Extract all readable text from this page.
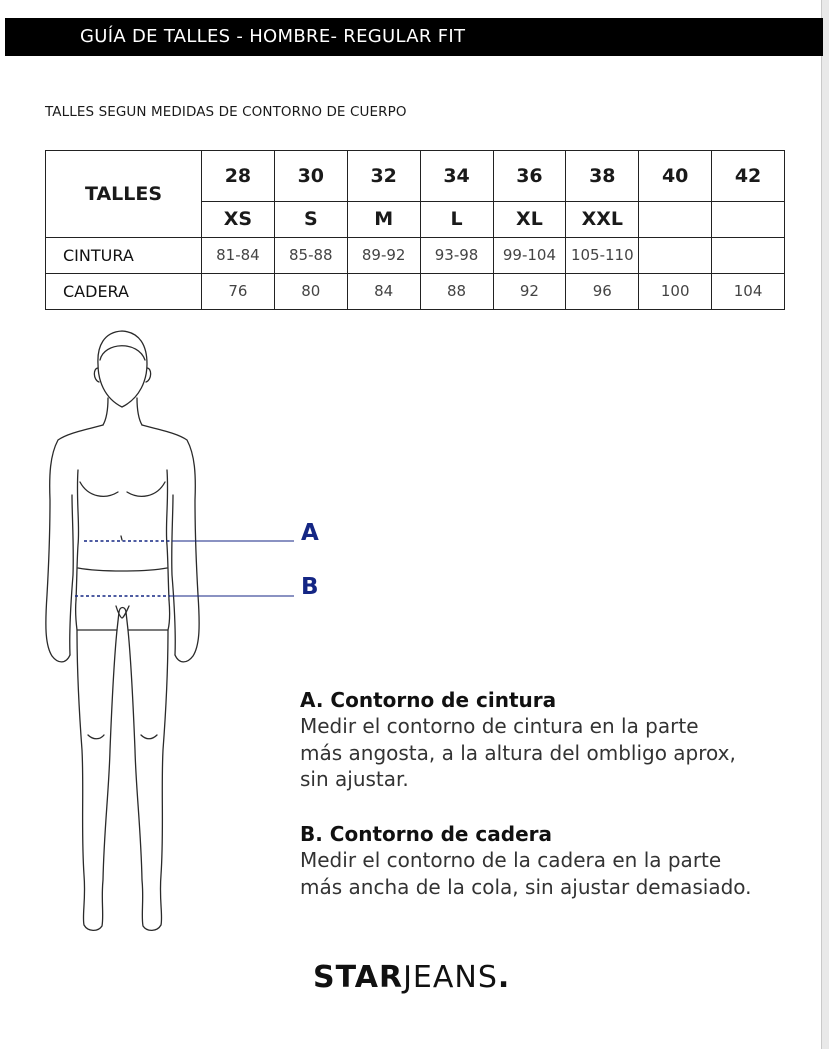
GUÍA DE TALLES - HOMBRE- REGULAR FIT
TALLES SEGUN MEDIDAS DE CONTORNO DE CUERPO
TALLES	28	30	32	34	36	38	40	42
	XS	S	M	L	XL	XXL		
CINTURA	81-84	85-88	89-92	93-98	99-104	105-110		
CADERA	76	80	84	88	92	96	100	104
A
B
A. Contorno de cintura
Medir el contorno de cintura en la parte
más angosta, a la altura del ombligo aprox,
sin ajustar.
B. Contorno de cadera
Medir el contorno de la cadera en la parte
más ancha de la cola, sin ajustar demasiado.
STARJEANS.
